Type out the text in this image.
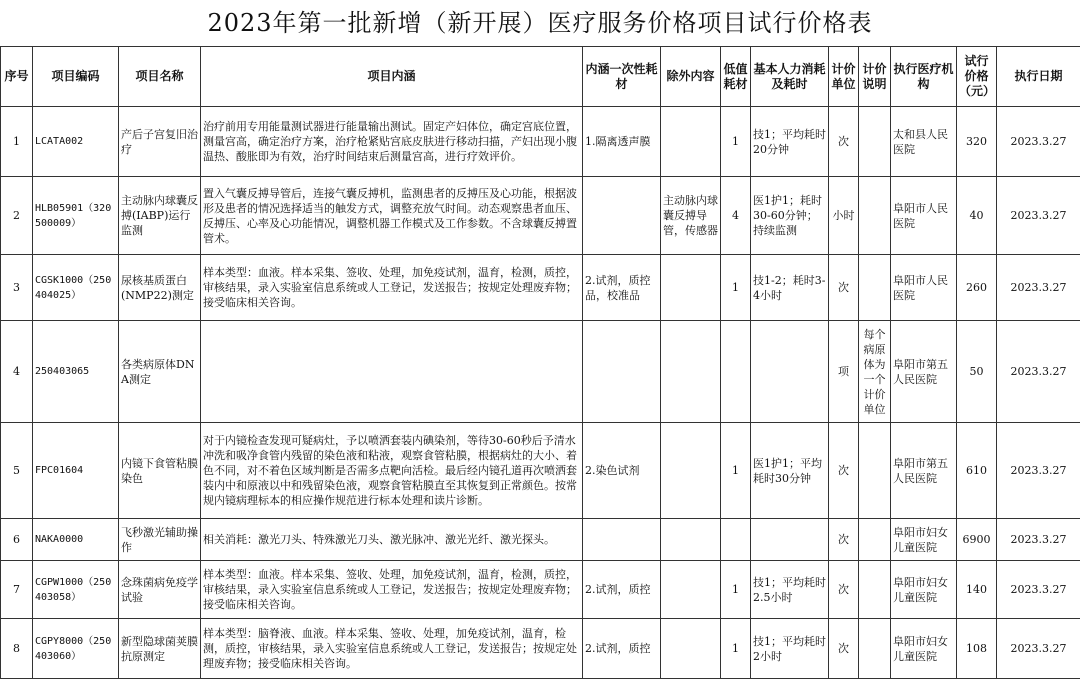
2023年第一批新增（新开展）医疗服务价格项目试行价格表
序号	项目编码	项目名称	项目内涵	内涵一次性耗材	除外内容	低值耗材	基本人力消耗及耗时	计价单位	计价说明	执行医疗机构	试行价格（元）	执行日期
1	LCATA002	产后子宫复旧治疗	治疗前用专用能量测试器进行能量输出测试。固定产妇体位，确定宫底位置，测量宫高，确定治疗方案，治疗枪紧贴宫底皮肤进行移动扫描，产妇出现小腹温热、酸胀即为有效，治疗时间结束后测量宫高，进行疗效评价。	1.隔离透声膜		1	技1；平均耗时20分钟	次		太和县人民医院	320	2023.3.27
2	HLB05901（320500009）	主动脉内球囊反搏(IABP)运行监测	置入气囊反搏导管后，连接气囊反搏机，监测患者的反搏压及心功能，根据波形及患者的情况选择适当的触发方式，调整充放气时间。动态观察患者血压、反搏压、心率及心功能情况，调整机器工作模式及工作参数。不含球囊反搏置管术。		主动脉内球囊反搏导管，传感器	4	医1护1；耗时30-60分钟；持续监测	小时		阜阳市人民医院	40	2023.3.27
3	CGSK1000（250404025）	尿核基质蛋白(NMP22)测定	样本类型：血液。样本采集、签收、处理，加免疫试剂，温育，检测，质控，审核结果，录入实验室信息系统或人工登记，发送报告；按规定处理废弃物；接受临床相关咨询。	2.试剂，质控品，校准品		1	技1-2；耗时3-4小时	次		阜阳市人民医院	260	2023.3.27
4	250403065	各类病原体DNA测定						项	每个病原体为一个计价单位	阜阳市第五人民医院	50	2023.3.27
5	FPC01604	内镜下食管粘膜染色	对于内镜检查发现可疑病灶，予以喷洒套装内碘染剂，等待30-60秒后予清水冲洗和吸净食管内残留的染色液和粘液，观察食管粘膜，根据病灶的大小、着色不同，对不着色区域判断是否需多点靶向活检。最后经内镜孔道再次喷洒套装内中和原液以中和残留染色液，观察食管粘膜直至其恢复到正常颜色。按常规内镜病理标本的相应操作规范进行标本处理和读片诊断。	2.染色试剂		1	医1护1；平均耗时30分钟	次		阜阳市第五人民医院	610	2023.3.27
6	NAKA0000	飞秒激光辅助操作	相关消耗：激光刀头、特殊激光刀头、激光脉冲、激光光纤、激光探头。					次		阜阳市妇女儿童医院	6900	2023.3.27
7	CGPW1000（250403058）	念珠菌病免疫学试验	样本类型：血液。样本采集、签收、处理，加免疫试剂，温育，检测，质控，审核结果，录入实验室信息系统或人工登记，发送报告；按规定处理废弃物；接受临床相关咨询。	2.试剂，质控		1	技1；平均耗时2.5小时	次		阜阳市妇女儿童医院	140	2023.3.27
8	CGPY8000（250403060）	新型隐球菌荚膜抗原测定	样本类型：脑脊液、血液。样本采集、签收、处理，加免疫试剂，温育，检测，质控，审核结果，录入实验室信息系统或人工登记，发送报告；按规定处理废弃物；接受临床相关咨询。	2.试剂，质控		1	技1；平均耗时2小时	次		阜阳市妇女儿童医院	108	2023.3.27
